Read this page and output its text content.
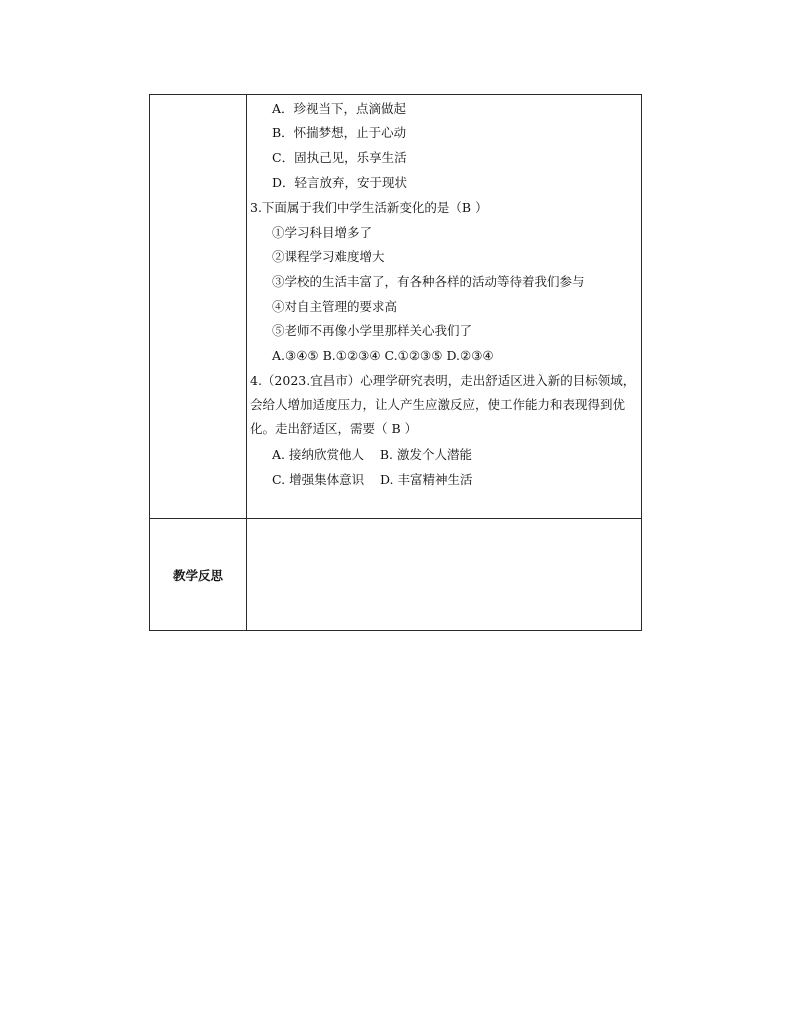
A．珍视当下，点滴做起
B．怀揣梦想，止于心动
C．固执己见，乐享生活
D．轻言放弃，安于现状
3.下面属于我们中学生活新变化的是（B ）
①学习科目增多了
②课程学习难度增大
③学校的生活丰富了，有各种各样的活动等待着我们参与
④对自主管理的要求高
⑤老师不再像小学里那样关心我们了
A.③④⑤ B.①②③④ C.①②③⑤ D.②③④
4.（2023.宜昌市）心理学研究表明，走出舒适区进入新的目标领域，
会给人增加适度压力，让人产生应激反应，使工作能力和表现得到优
化。走出舒适区，需要（ B ）
A. 接纳欣赏他人    B. 激发个人潜能
C. 增强集体意识    D. 丰富精神生活
教学反思
